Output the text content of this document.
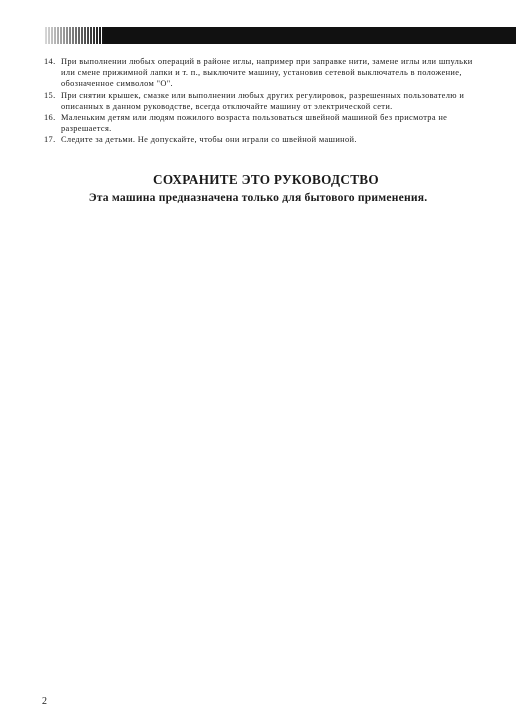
14. При выполнении любых операций в районе иглы, например при заправке нити, замене иглы или шпульки или смене прижимной лапки и т. п., выключите машину, установив сетевой выключатель в положение, обозначенное символом "O".
15. При снятии крышек, смазке или выполнении любых других регулировок, разрешенных пользователю и описанных в данном руководстве, всегда отключайте машину от электрической сети.
16. Маленьким детям или людям пожилого возраста пользоваться швейной машиной без присмотра не разрешается.
17. Следите за детьми. Не допускайте, чтобы они играли со швейной машиной.

СОХРАНИТЕ ЭТО РУКОВОДСТВО

Эта машина предназначена только для бытового применения.

2
